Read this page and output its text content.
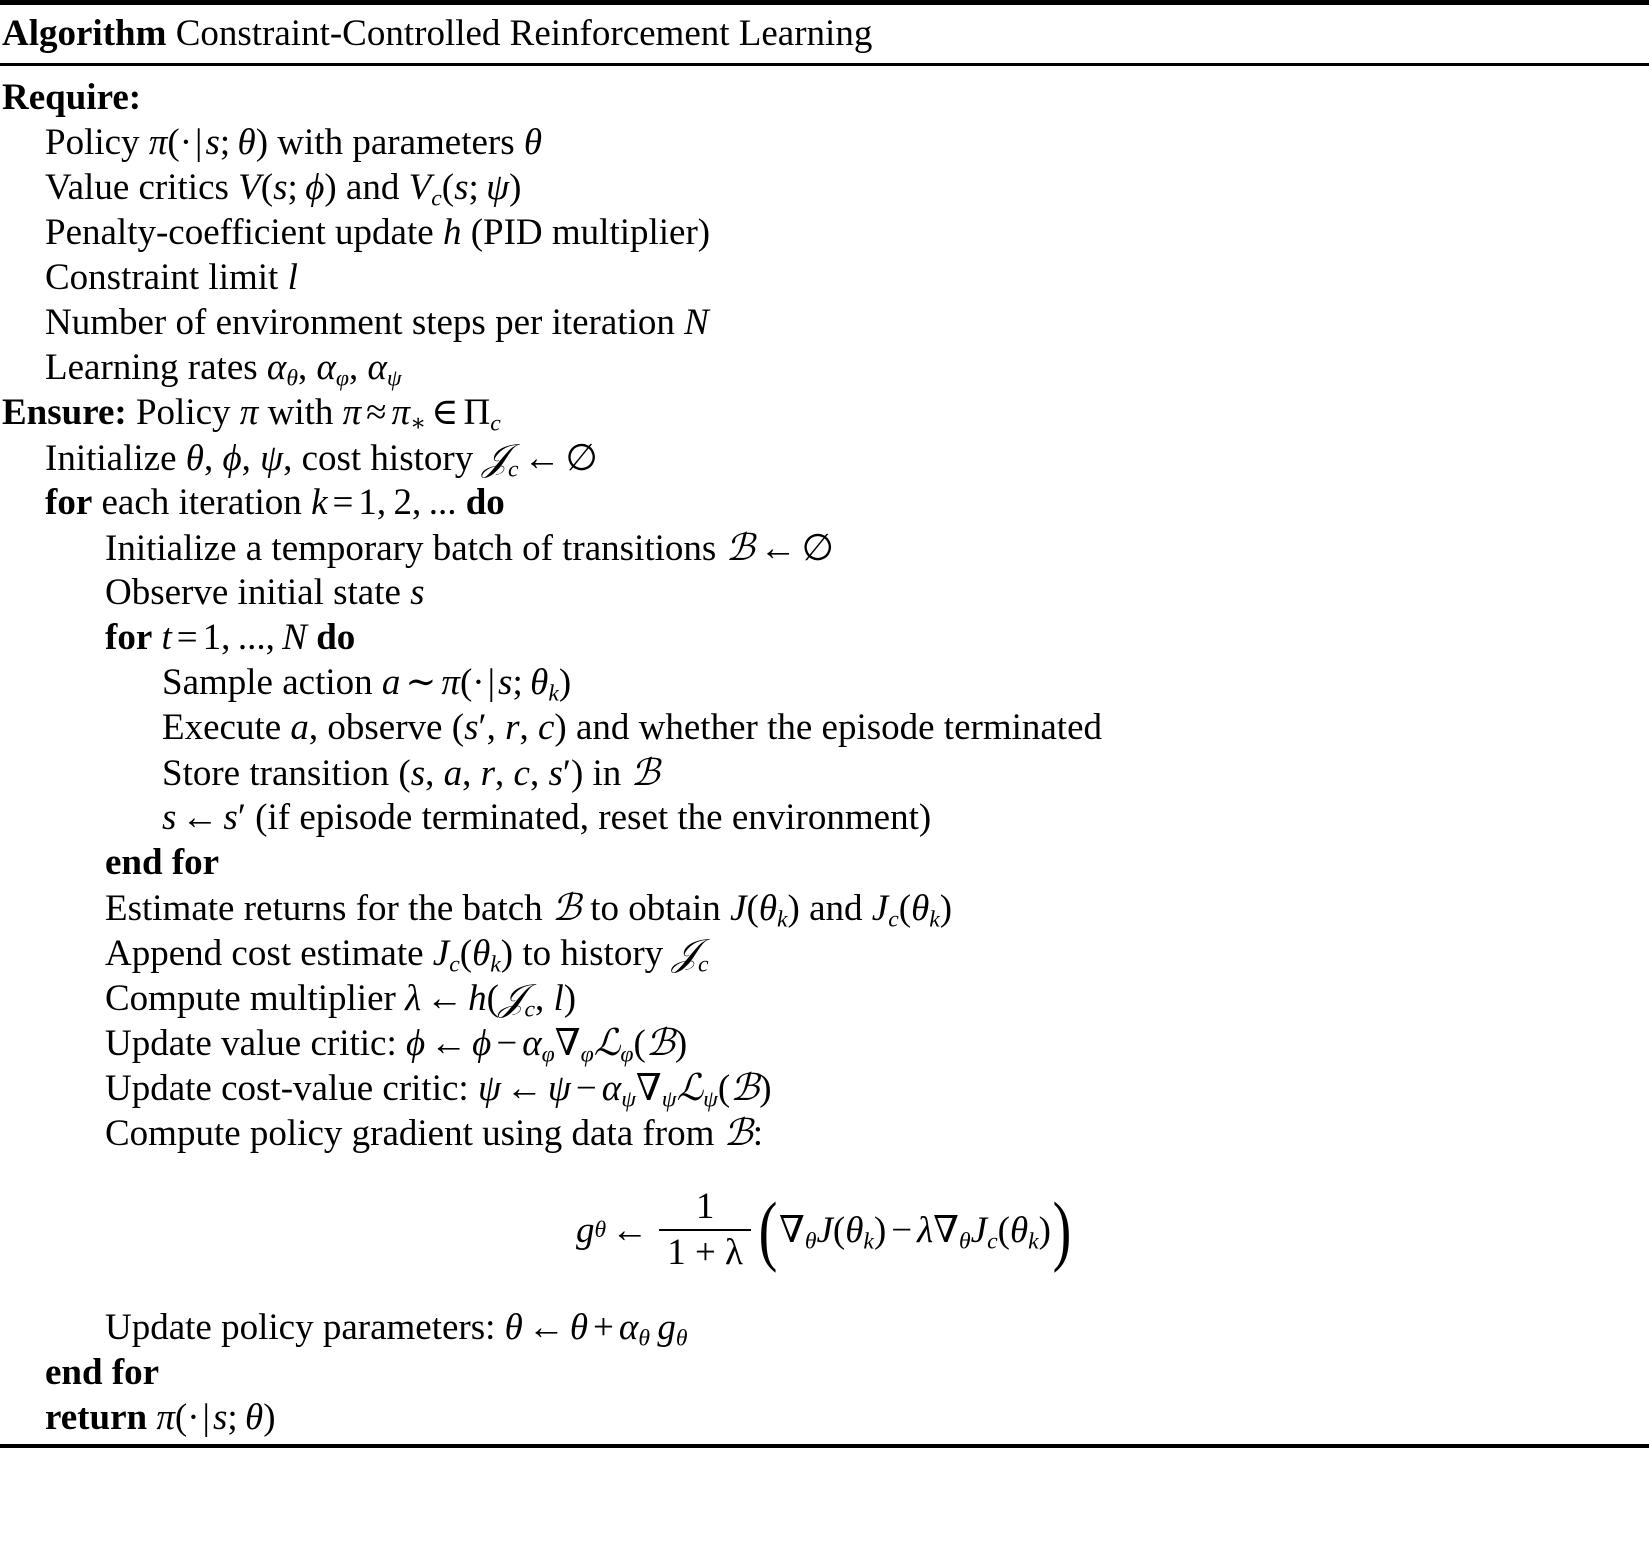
Algorithm Constraint-Controlled Reinforcement Learning
Require:
Policy π(·|s; θ) with parameters θ
Value critics V(s; ϕ) and $V_c(s$; ψ)
Penalty-coefficient update h (PID multiplier)
Constraint limit l
Number of environment steps per iteration N
Learning rates $\alpha_\theta$, $\alpha_\varphi$, $\alpha_\psi$
Ensure: Policy π with $\pi \approx \pi_∗$ ∈ $\Pi_c$
Initialize θ, ϕ, ψ, cost history 𝒥$_c$ ← ∅
for each iteration k = 1, 2, ... do
Initialize a temporary batch of transitions ℬ ← ∅
Observe initial state s
for t = 1, ..., N do
Sample action a ∼ π(·|s; $\theta_k$)
Execute a, observe (s′, r, c) and whether the episode terminated
Store transition (s, a, r, c, s′) in ℬ
s ← s′ (if episode terminated, reset the environment)
end for
Estimate returns for the batch ℬ to obtain $J(\theta_k)$ and $J_c(\theta_k)$
Append cost estimate $J_c(\theta_k)$ to history 𝒥$_c$
Compute multiplier λ ← h(𝒥$_c$, l)
Update value critic: ϕ ← $\phi - \alpha_\varphi\nabla_\varphi ℒ_\varphi(ℬ)$
Update cost-value critic: ψ ← $\psi - \alpha_\psi\nabla_\psi ℒ_\psi(ℬ)$
Compute policy gradient using data from ℬ:
g θ ← $\frac{1}{1 + \lambda}$ ( $\nabla_\theta J(\theta_k) - \lambda\nabla_\theta J_c(\theta_k)$ )
Update policy parameters: θ ← $\theta + \alpha_\theta$  $g_\theta$
end for
return π(·|s; θ)
